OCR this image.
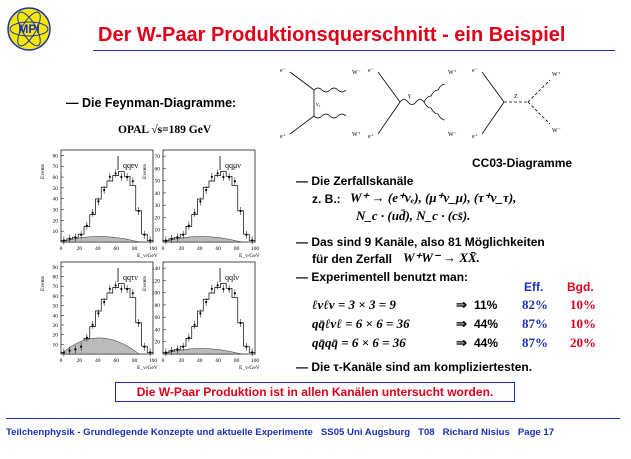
MPI	Der W-Paar Produktionsquerschnitt - ein Beispiel
— Die Feynman-Diagramme:
e⁻
e⁺
W⁻
W⁺
νₑ
γ	Z
e⁻
e⁺
W⁺
W⁻
e⁻
e⁺
W⁺
W⁻
CC03-Diagramme
OPAL √s=189 GeV
qqeν
10
20
30
40
50
60
70
80
0	20 40 60 80 100
E_v/GeV
Events	qqμν
10
20
30
40
50
60
70
0	20 40 60 80 100
E_v/GeV
Events
qqτν
10
20
30
40
50
60
70
80
90
0	20 40 60 80 100
E_v/GeV
Events	qqlν
20
40
60
80
100
120
140
0	20 40 60 80 100
E_v/GeV
Events
— Die Zerfallskanäle
z. B.: W⁺ → (e⁺νₑ), (μ⁺ν_μ), (τ⁺ν_τ),
N_c · (ud̄), N_c · (cs̄).
— Das sind 9 Kanäle, also 81 Möglichkeiten
für den Zerfall W⁺W⁻ → XX̄.
— Experimentell benutzt man:
Eff. Bgd.
ℓνℓν = 3 × 3 = 9	⇒ 11% 82% 10%
qq̄ℓνℓ = 6 × 6 = 36	⇒ 44% 87% 10%
qq̄qq̄ = 6 × 6 = 36	⇒ 44% 87% 20%
— Die τ-Kanäle sind am kompliziertesten.
Die W-Paar Produktion ist in allen Kanälen untersucht worden.
Teilchenphysik - Grundlegende Konzepte und aktuelle Experimente SS05 Uni Augsburg T08 Richard Nisius Page 17
